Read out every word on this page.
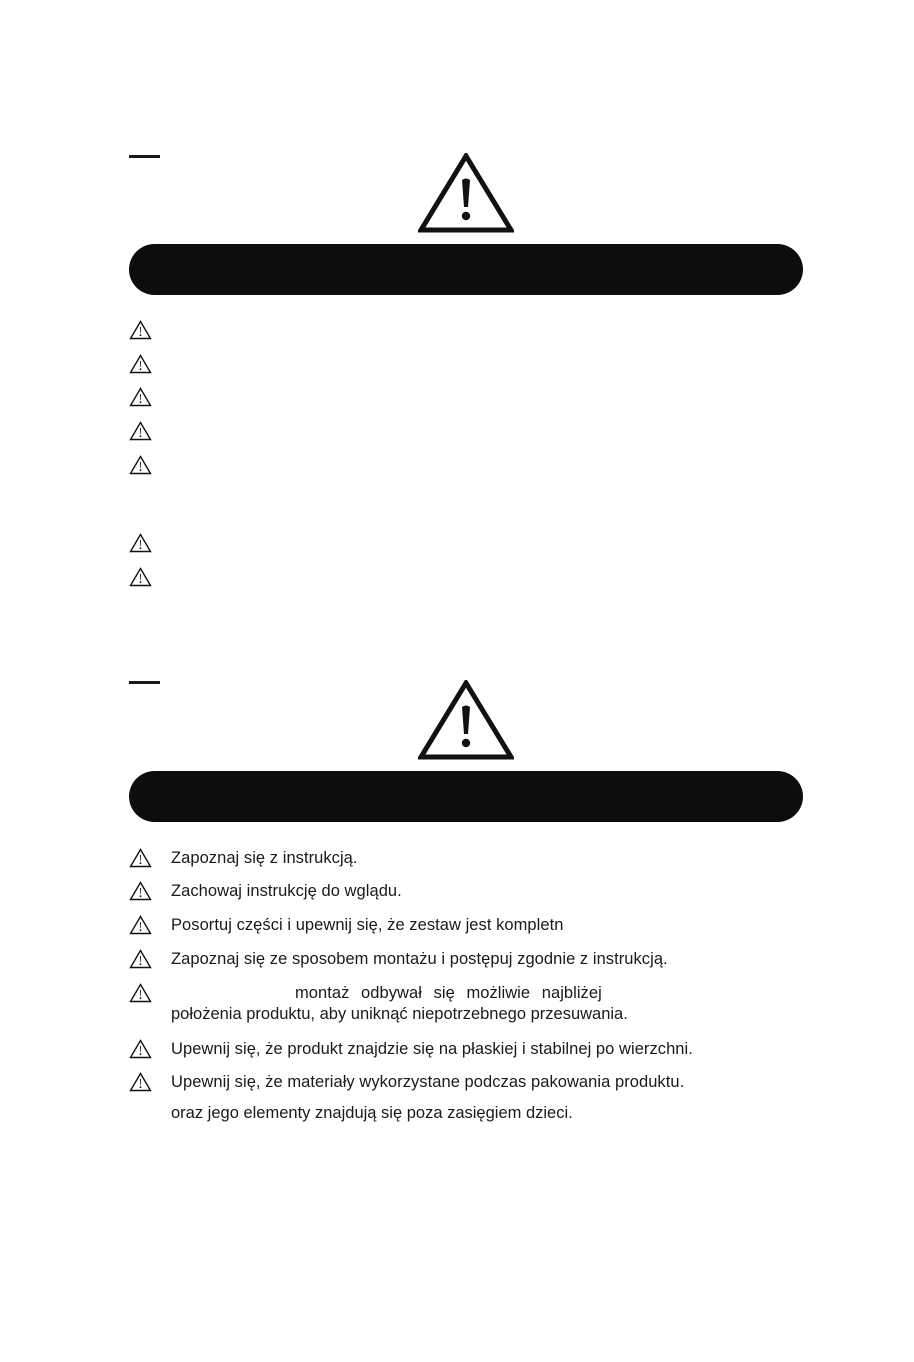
Zapoznaj się z instrukcją.
Zachowaj instrukcję do wglądu.
Posortuj części i upewnij się, że zestaw jest kompletn
Zapoznaj się ze sposobem montażu i postępuj zgodnie z instrukcją.
montaż odbywał się możliwie najbliżej
położenia produktu, aby uniknąć niepotrzebnego przesuwania.
Upewnij się, że produkt znajdzie się na płaskiej i stabilnej po wierzchni.
Upewnij się, że materiały wykorzystane podczas pakowania produktu.
oraz jego elementy znajdują się poza zasięgiem dzieci.
